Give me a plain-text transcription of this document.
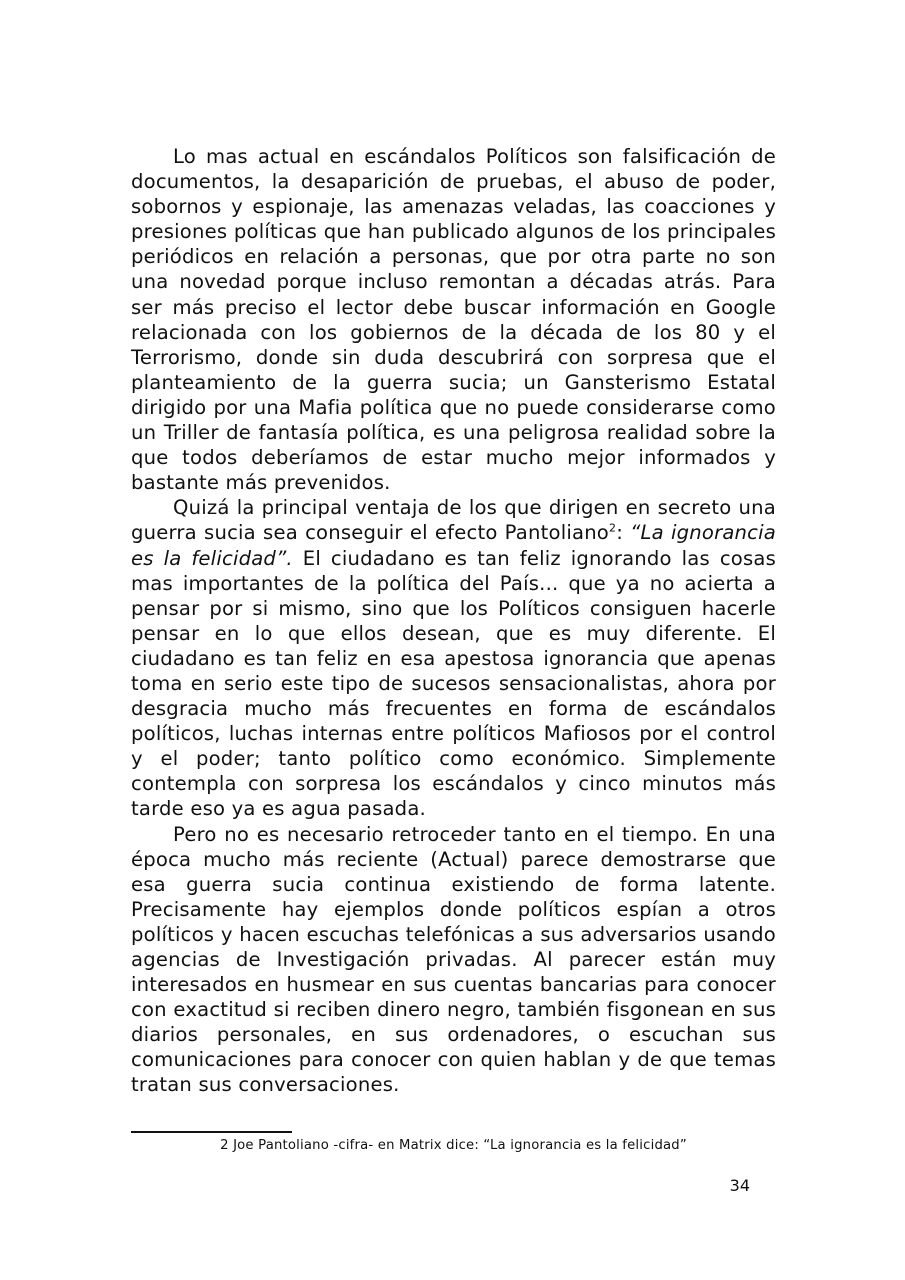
Lo mas actual en escándalos Políticos son falsificación de documentos, la desaparición de pruebas, el abuso de poder, sobornos y espionaje, las amenazas veladas, las coacciones y presiones políticas que han publicado algunos de los principales periódicos en relación a personas, que por otra parte no son una novedad porque incluso remontan a décadas atrás. Para ser más preciso el lector debe buscar información en Google relacionada con los gobiernos de la década de los 80 y el Terrorismo, donde sin duda descubrirá con sorpresa que el planteamiento de la guerra sucia; un Gansterismo Estatal dirigido por una Mafia política que no puede considerarse como un Triller de fantasía política, es una peligrosa realidad sobre la que todos deberíamos de estar mucho mejor informados y bastante más prevenidos.

Quizá la principal ventaja de los que dirigen en secreto una guerra sucia sea conseguir el efecto Pantoliano$^2$: “La ignorancia es la felicidad”. El ciudadano es tan feliz ignorando las cosas mas importantes de la política del País... que ya no acierta a pensar por si mismo, sino que los Políticos consiguen hacerle pensar en lo que ellos desean, que es muy diferente. El ciudadano es tan feliz en esa apestosa ignorancia que apenas toma en serio este tipo de sucesos sensacionalistas, ahora por desgracia mucho más frecuentes en forma de escándalos políticos, luchas internas entre políticos Mafiosos por el control y el poder; tanto político como económico. Simplemente contempla con sorpresa los escándalos y cinco minutos más tarde eso ya es agua pasada.

Pero no es necesario retroceder tanto en el tiempo. En una época mucho más reciente (Actual) parece demostrarse que esa guerra sucia continua existiendo de forma latente. Precisamente hay ejemplos donde políticos espían a otros políticos y hacen escuchas telefónicas a sus adversarios usando agencias de Investigación privadas. Al parecer están muy interesados en husmear en sus cuentas bancarias para conocer con exactitud si reciben dinero negro, también fisgonean en sus diarios personales, en sus ordenadores, o escuchan sus comunicaciones para conocer con quien hablan y de que temas tratan sus conversaciones.

2 Joe Pantoliano -cifra- en Matrix dice: “La ignorancia es la felicidad”
34
